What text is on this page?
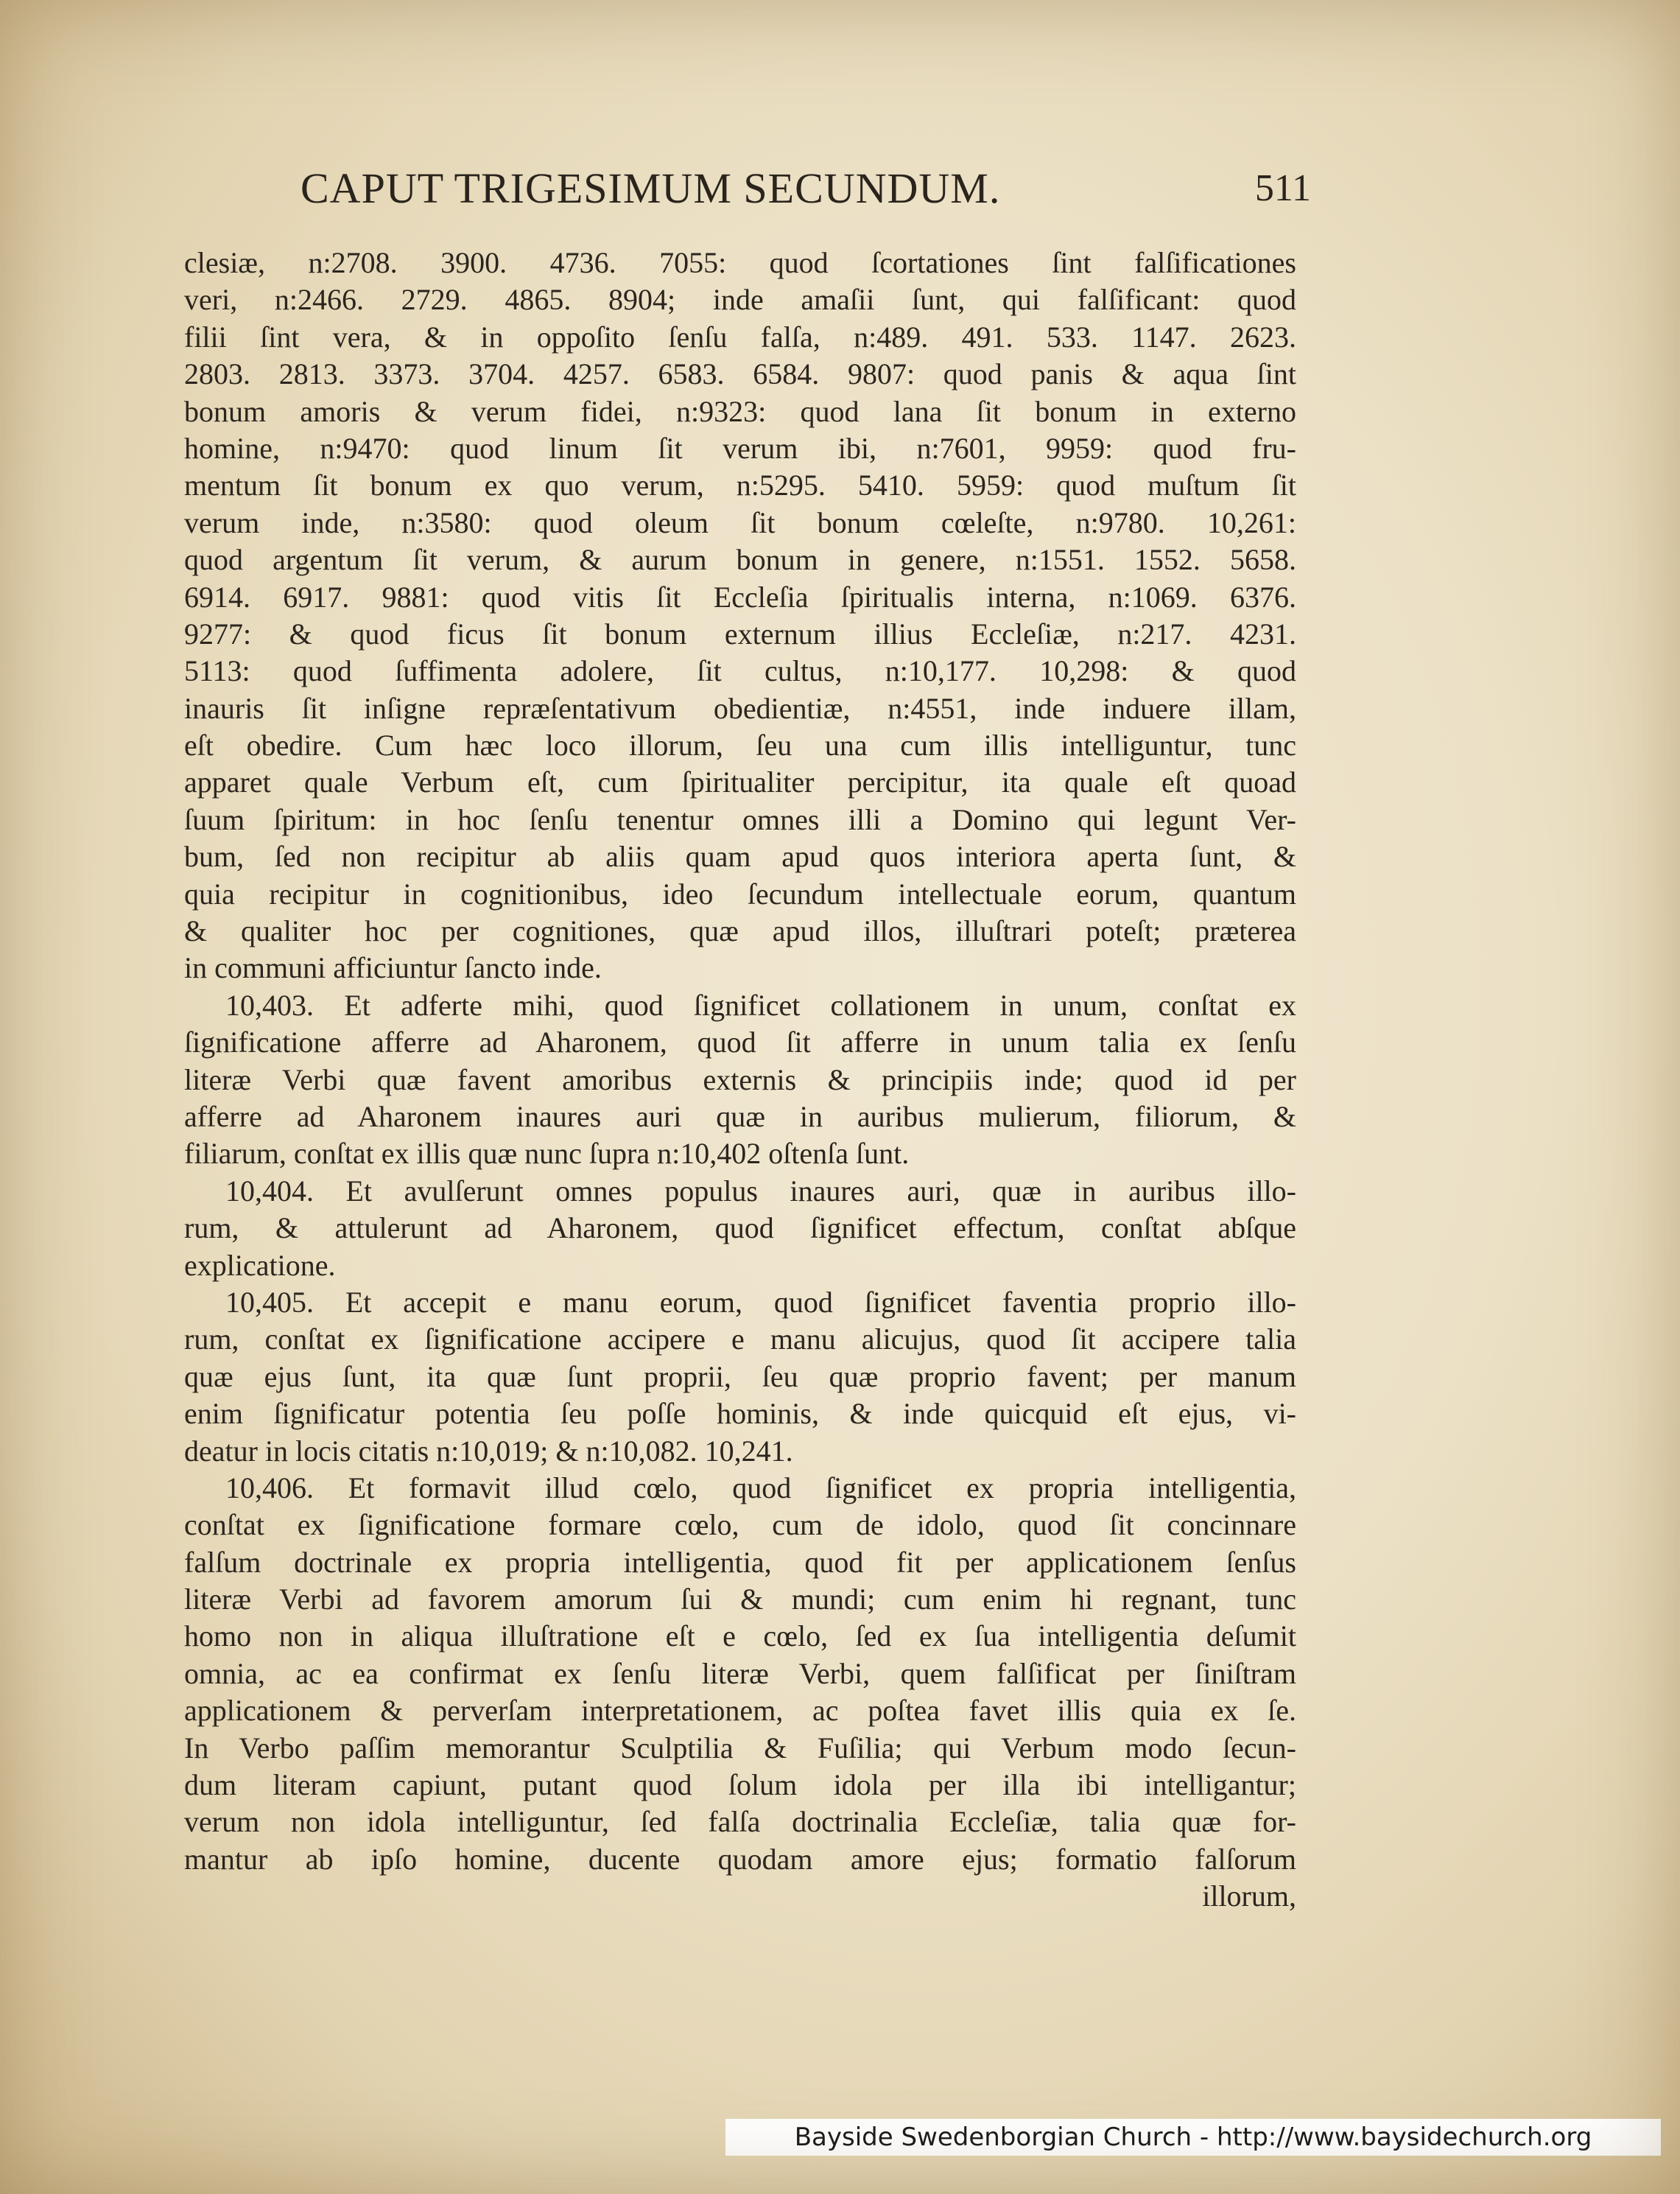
CAPUT TRIGESIMUM SECUNDUM.	511
clesiæ, n:2708. 3900. 4736. 7055: quod ſcortationes ſint falſificationes
veri, n:2466. 2729. 4865. 8904; inde amaſii ſunt, qui falſificant: quod
filii ſint vera, & in oppoſito ſenſu falſa, n:489. 491. 533. 1147. 2623.
2803. 2813. 3373. 3704. 4257. 6583. 6584. 9807: quod panis & aqua ſint
bonum amoris & verum fidei, n:9323: quod lana ſit bonum in externo
homine, n:9470: quod linum ſit verum ibi, n:7601, 9959: quod fru-
mentum ſit bonum ex quo verum, n:5295. 5410. 5959: quod muſtum ſit
verum inde, n:3580: quod oleum ſit bonum cœleſte, n:9780. 10,261:
quod argentum ſit verum, & aurum bonum in genere, n:1551. 1552. 5658.
6914. 6917. 9881: quod vitis ſit Eccleſia ſpiritualis interna, n:1069. 6376.
9277: & quod ficus ſit bonum externum illius Eccleſiæ, n:217. 4231.
5113: quod ſuffimenta adolere, ſit cultus, n:10,177. 10,298: & quod
inauris ſit inſigne repræſentativum obedientiæ, n:4551, inde induere illam,
eſt obedire. Cum hæc loco illorum, ſeu una cum illis intelliguntur, tunc
apparet quale Verbum eſt, cum ſpiritualiter percipitur, ita quale eſt quoad
ſuum ſpiritum: in hoc ſenſu tenentur omnes illi a Domino qui legunt Ver-
bum, ſed non recipitur ab aliis quam apud quos interiora aperta ſunt, &
quia recipitur in cognitionibus, ideo ſecundum intellectuale eorum, quantum
& qualiter hoc per cognitiones, quæ apud illos, illuſtrari poteſt; præterea
in communi afficiuntur ſancto inde.
10,403. Et adferte mihi, quod ſignificet collationem in unum, conſtat ex
ſignificatione afferre ad Aharonem, quod ſit afferre in unum talia ex ſenſu
literæ Verbi quæ favent amoribus externis & principiis inde; quod id per
afferre ad Aharonem inaures auri quæ in auribus mulierum, filiorum, &
filiarum, conſtat ex illis quæ nunc ſupra n:10,402 oſtenſa ſunt.
10,404. Et avulſerunt omnes populus inaures auri, quæ in auribus illo-
rum, & attulerunt ad Aharonem, quod ſignificet effectum, conſtat abſque
explicatione.
10,405. Et accepit e manu eorum, quod ſignificet faventia proprio illo-
rum, conſtat ex ſignificatione accipere e manu alicujus, quod ſit accipere talia
quæ ejus ſunt, ita quæ ſunt proprii, ſeu quæ proprio favent; per manum
enim ſignificatur potentia ſeu poſſe hominis, & inde quicquid eſt ejus, vi-
deatur in locis citatis n:10,019; & n:10,082. 10,241.
10,406. Et formavit illud cœlo, quod ſignificet ex propria intelligentia,
conſtat ex ſignificatione formare cœlo, cum de idolo, quod ſit concinnare
falſum doctrinale ex propria intelligentia, quod fit per applicationem ſenſus
literæ Verbi ad favorem amorum ſui & mundi; cum enim hi regnant, tunc
homo non in aliqua illuſtratione eſt e cœlo, ſed ex ſua intelligentia deſumit
omnia, ac ea confirmat ex ſenſu literæ Verbi, quem falſificat per ſiniſtram
applicationem & perverſam interpretationem, ac poſtea favet illis quia ex ſe.
In Verbo paſſim memorantur Sculptilia & Fuſilia; qui Verbum modo ſecun-
dum literam capiunt, putant quod ſolum idola per illa ibi intelligantur;
verum non idola intelliguntur, ſed falſa doctrinalia Eccleſiæ, talia quæ for-
mantur ab ipſo homine, ducente quodam amore ejus; formatio falſorum
illorum,
Bayside Swedenborgian Church - http://www.baysidechurch.org
